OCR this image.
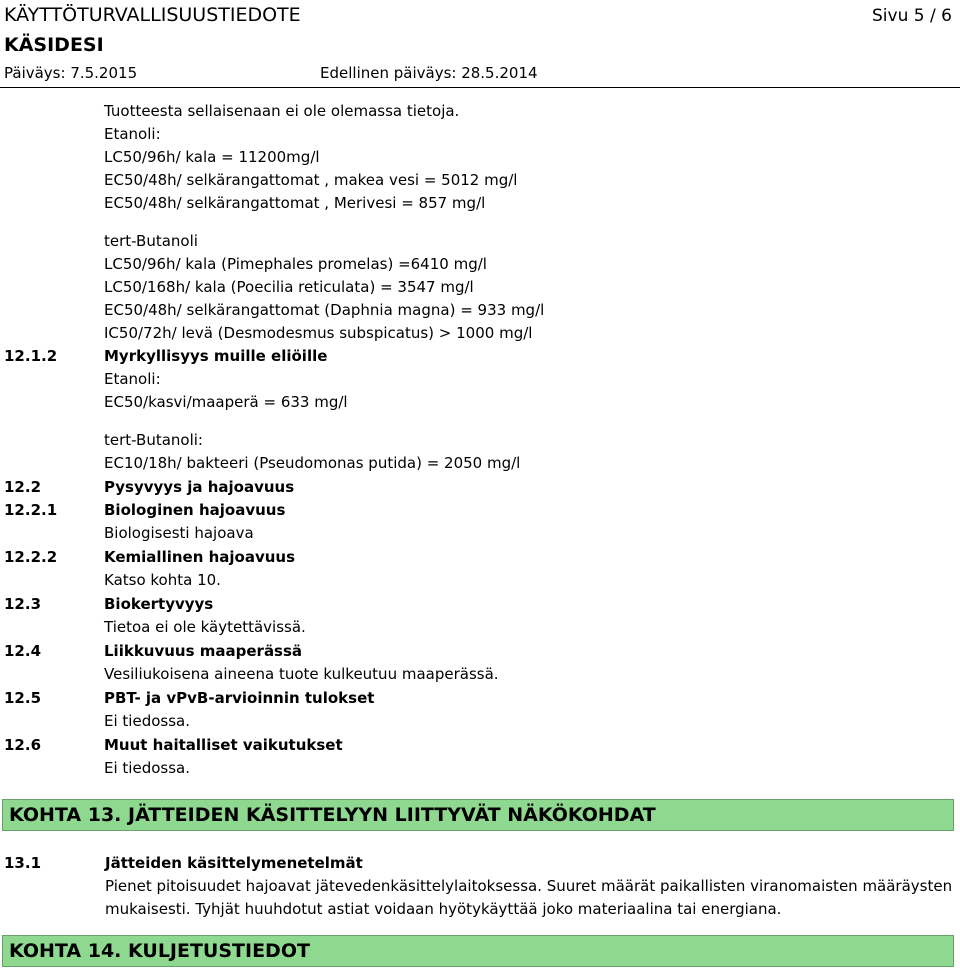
KÄYTTÖTURVALLISUUSTIEDOTE	Sivu 5 / 6
KÄSIDESI
Päiväys: 7.5.2015	Edellinen päiväys: 28.5.2014
Tuotteesta sellaisenaan ei ole olemassa tietoja.
Etanoli:
LC50/96h/ kala = 11200mg/l
EC50/48h/ selkärangattomat , makea vesi = 5012 mg/l
EC50/48h/ selkärangattomat , Merivesi = 857 mg/l
tert-Butanoli
LC50/96h/ kala (Pimephales promelas) =6410 mg/l
LC50/168h/ kala (Poecilia reticulata) = 3547 mg/l
EC50/48h/ selkärangattomat (Daphnia magna) = 933 mg/l
IC50/72h/ levä (Desmodesmus subspicatus) > 1000 mg/l
12.1.2	Myrkyllisyys muille eliöille
Etanoli:
EC50/kasvi/maaperä = 633 mg/l
tert-Butanoli:
EC10/18h/ bakteeri (Pseudomonas putida) = 2050 mg/l
12.2	Pysyvyys ja hajoavuus
12.2.1	Biologinen hajoavuus
Biologisesti hajoava
12.2.2	Kemiallinen hajoavuus
Katso kohta 10.
12.3	Biokertyvyys
Tietoa ei ole käytettävissä.
12.4	Liikkuvuus maaperässä
Vesiliukoisena aineena tuote kulkeutuu maaperässä.
12.5	PBT- ja vPvB-arvioinnin tulokset
Ei tiedossa.
12.6	Muut haitalliset vaikutukset
Ei tiedossa.
KOHTA 13. JÄTTEIDEN KÄSITTELYYN LIITTYVÄT NÄKÖKOHDAT
13.1	Jätteiden käsittelymenetelmät
Pienet pitoisuudet hajoavat jätevedenkäsittelylaitoksessa. Suuret määrät paikallisten viranomaisten määräysten
mukaisesti. Tyhjät huuhdotut astiat voidaan hyötykäyttää joko materiaalina tai energiana.
KOHTA 14. KULJETUSTIEDOT
